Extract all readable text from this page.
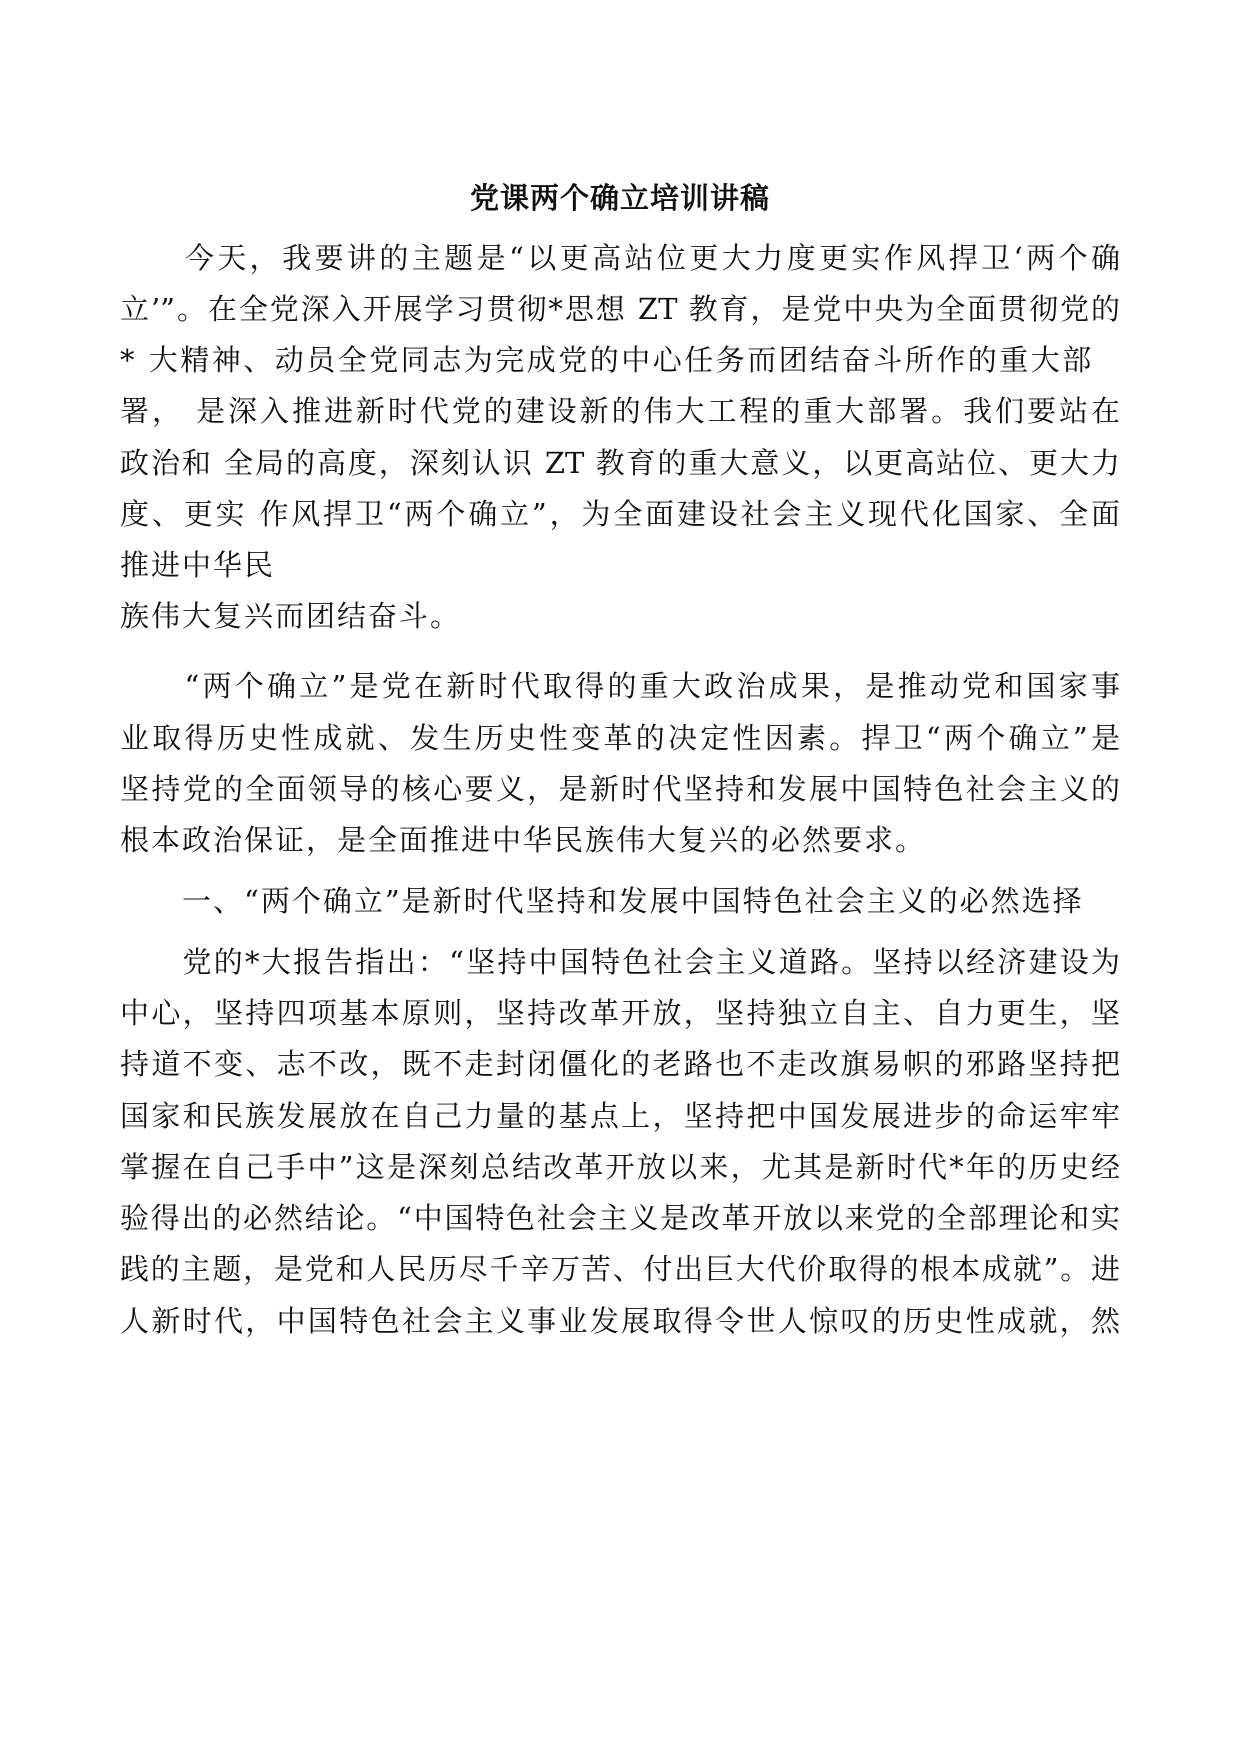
党课两个确立培训讲稿

　　今天，我要讲的主题是“以更高站位更大力度更实作风捍卫‘两个确

立’”。在全党深入开展学习贯彻*思想 ZT 教育，是党中央为全面贯彻党的

* 大精神、动员全党同志为完成党的中心任务而团结奋斗所作的重大部

署， 是深入推进新时代党的建设新的伟大工程的重大部署。我们要站在

政治和 全局的高度，深刻认识 ZT 教育的重大意义，以更高站位、更大力

度、更实 作风捍卫“两个确立”，为全面建设社会主义现代化国家、全面

推进中华民

族伟大复兴而团结奋斗。

　　“两个确立”是党在新时代取得的重大政治成果，是推动党和国家事

业取得历史性成就、发生历史性变革的决定性因素。捍卫“两个确立”是

坚持党的全面领导的核心要义，是新时代坚持和发展中国特色社会主义的

根本政治保证，是全面推进中华民族伟大复兴的必然要求。

　　一、“两个确立”是新时代坚持和发展中国特色社会主义的必然选择

　　党的*大报告指出：“坚持中国特色社会主义道路。坚持以经济建设为

中心，坚持四项基本原则，坚持改革开放，坚持独立自主、自力更生，坚

持道不变、志不改，既不走封闭僵化的老路也不走改旗易帜的邪路坚持把

国家和民族发展放在自己力量的基点上，坚持把中国发展进步的命运牢牢

掌握在自己手中”这是深刻总结改革开放以来，尤其是新时代*年的历史经

验得出的必然结论。“中国特色社会主义是改革开放以来党的全部理论和实

践的主题，是党和人民历尽千辛万苦、付出巨大代价取得的根本成就”。进

人新时代，中国特色社会主义事业发展取得令世人惊叹的历史性成就，然
